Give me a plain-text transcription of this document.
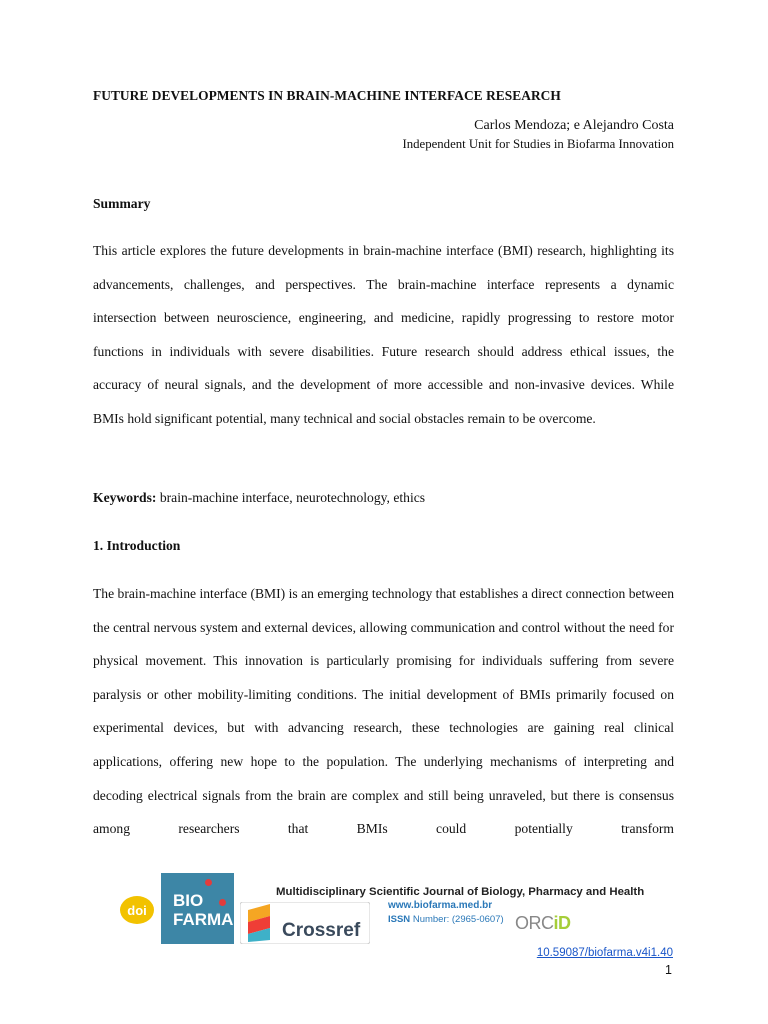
FUTURE DEVELOPMENTS IN BRAIN-MACHINE INTERFACE RESEARCH
Carlos Mendoza; e Alejandro Costa
Independent Unit for Studies in Biofarma Innovation
Summary
This article explores the future developments in brain-machine interface (BMI) research, highlighting its advancements, challenges, and perspectives. The brain-machine interface represents a dynamic intersection between neuroscience, engineering, and medicine, rapidly progressing to restore motor functions in individuals with severe disabilities. Future research should address ethical issues, the accuracy of neural signals, and the development of more accessible and non-invasive devices. While BMIs hold significant potential, many technical and social obstacles remain to be overcome.
Keywords: brain-machine interface, neurotechnology, ethics
1. Introduction
The brain-machine interface (BMI) is an emerging technology that establishes a direct connection between the central nervous system and external devices, allowing communication and control without the need for physical movement. This innovation is particularly promising for individuals suffering from severe paralysis or other mobility-limiting conditions. The initial development of BMIs primarily focused on experimental devices, but with advancing research, these technologies are gaining real clinical applications, offering new hope to the population. The underlying mechanisms of interpreting and decoding electrical signals from the brain are complex and still being unraveled, but there is consensus among researchers that BMIs could potentially transform
doi	BIO
FARMA
Multidisciplinary Scientific Journal of Biology, Pharmacy and Health
Crossref
www.biofarma.med.br
ISSN Number: (2965-0607) ORCiD
10.59087/biofarma.v4i1.40
1
